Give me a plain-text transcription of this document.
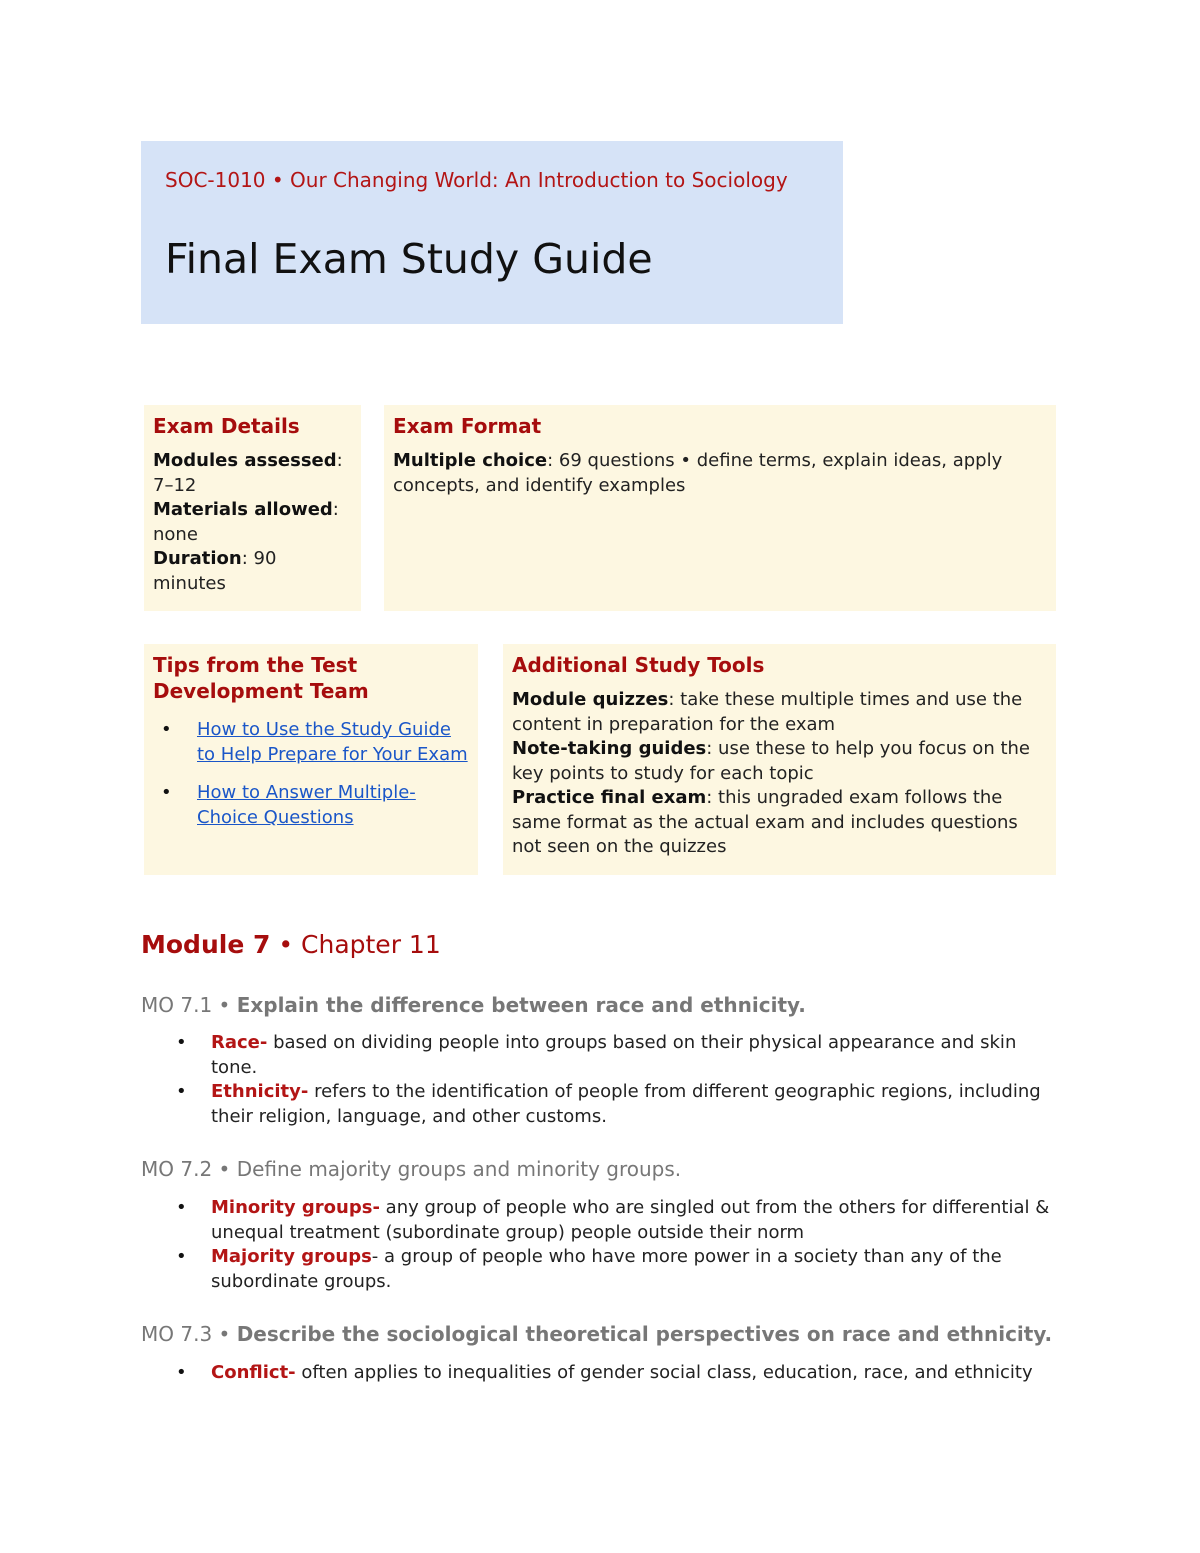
SOC-1010 • Our Changing World: An Introduction to Sociology
Final Exam Study Guide
Exam Details
Modules assessed: 7–12
Materials allowed: none
Duration: 90 minutes
Exam Format
Multiple choice: 69 questions • define terms, explain ideas, apply concepts, and identify examples
Tips from the Test Development Team
• How to Use the Study Guide to Help Prepare for Your Exam
• How to Answer Multiple-Choice Questions
Additional Study Tools
Module quizzes: take these multiple times and use the content in preparation for the exam
Note-taking guides: use these to help you focus on the key points to study for each topic
Practice final exam: this ungraded exam follows the same format as the actual exam and includes questions not seen on the quizzes
Module 7 • Chapter 11
MO 7.1 • Explain the difference between race and ethnicity.
• Race- based on dividing people into groups based on their physical appearance and skin tone.
• Ethnicity- refers to the identification of people from different geographic regions, including their religion, language, and other customs.
MO 7.2 • Define majority groups and minority groups.
• Minority groups- any group of people who are singled out from the others for differential & unequal treatment (subordinate group) people outside their norm
• Majority groups- a group of people who have more power in a society than any of the subordinate groups.
MO 7.3 • Describe the sociological theoretical perspectives on race and ethnicity.
• Conflict- often applies to inequalities of gender social class, education, race, and ethnicity
